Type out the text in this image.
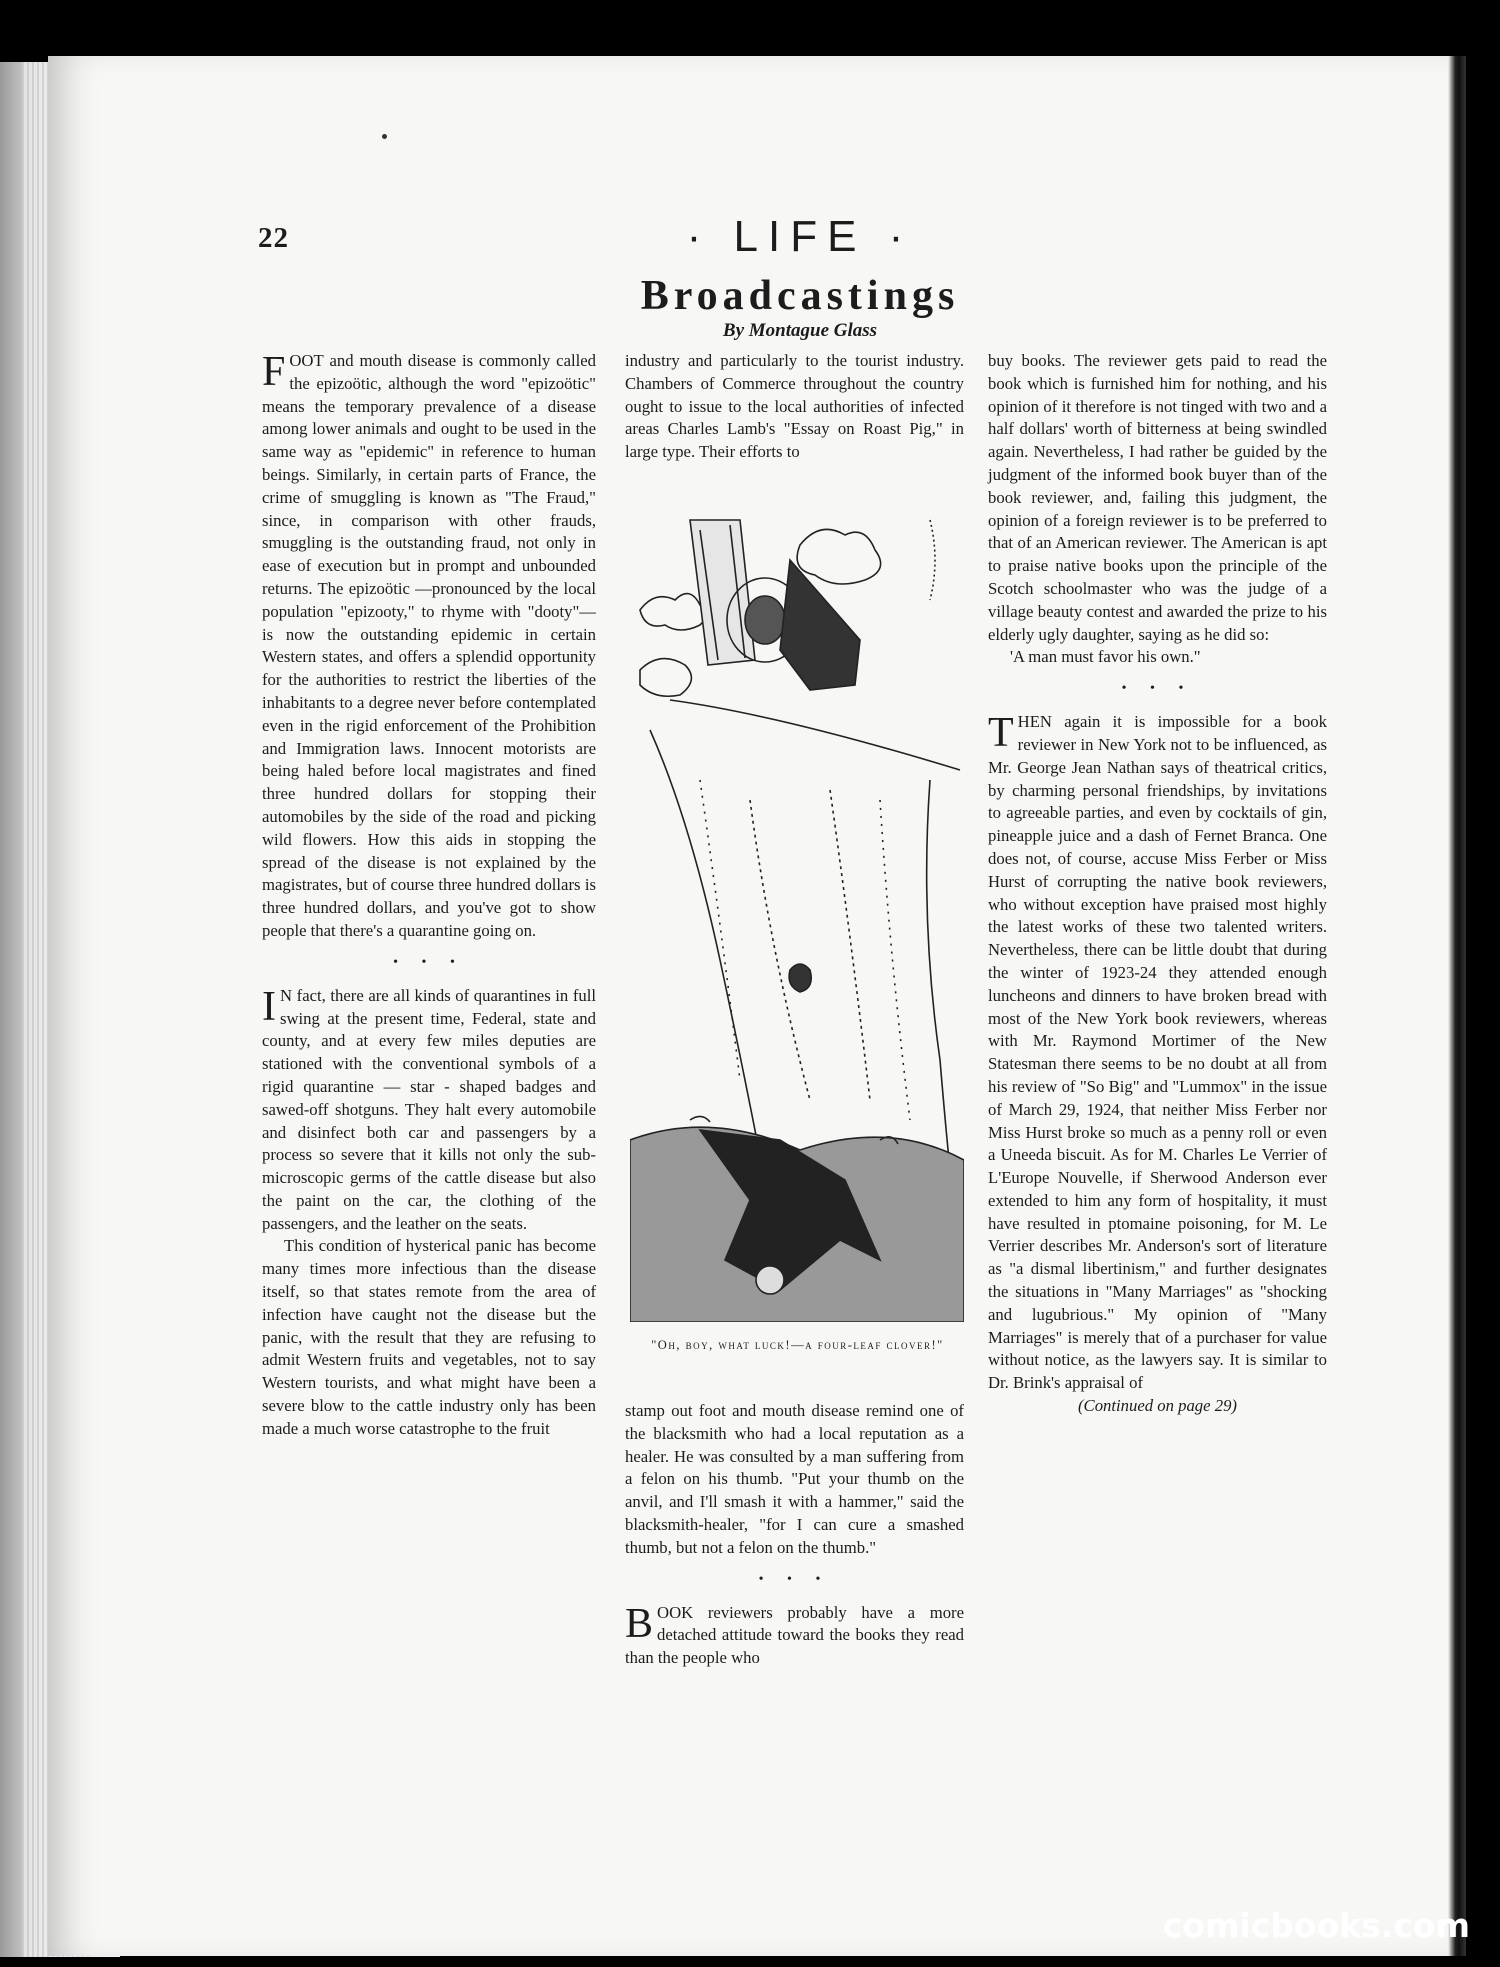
22	· LIFE ·
Broadcastings
By Montague Glass

FOOT and mouth disease is commonly called the epizoötic, although the word "epizoötic" means the temporary prevalence of a disease among lower animals and ought to be used in the same way as "epidemic" in reference to human beings. Similarly, in certain parts of France, the crime of smuggling is known as "The Fraud," since, in comparison with other frauds, smuggling is the outstanding fraud, not only in ease of execution but in prompt and unbounded returns. The epizoötic —pronounced by the local population "epizooty," to rhyme with "dooty"— is now the outstanding epidemic in certain Western states, and offers a splendid opportunity for the authorities to restrict the liberties of the inhabitants to a degree never before contemplated even in the rigid enforcement of the Prohibition and Immigration laws. Innocent motorists are being haled before local magistrates and fined three hundred dollars for stopping their automobiles by the side of the road and picking wild flowers. How this aids in stopping the spread of the disease is not explained by the magistrates, but of course three hundred dollars is three hundred dollars, and you've got to show people that there's a quarantine going on.

• • •

I N fact, there are all kinds of quarantines in full swing at the present time, Federal, state and county, and at every few miles deputies are stationed with the conventional symbols of a rigid quarantine — star - shaped badges and sawed-off shotguns. They halt every automobile and disinfect both car and passengers by a process so severe that it kills not only the sub-microscopic germs of the cattle disease but also the paint on the car, the clothing of the passengers, and the leather on the seats.

This condition of hysterical panic has become many times more infectious than the disease itself, so that states remote from the area of infection have caught not the disease but the panic, with the result that they are refusing to admit Western fruits and vegetables, not to say Western tourists, and what might have been a severe blow to the cattle industry only has been made a much worse catastrophe to the fruit

industry and particularly to the tourist industry. Chambers of Commerce throughout the country ought to issue to the local authorities of infected areas Charles Lamb's "Essay on Roast Pig," in large type. Their efforts to

"Oh, boy, what luck!—a four-leaf clover!"

stamp out foot and mouth disease remind one of the blacksmith who had a local reputation as a healer. He was consulted by a man suffering from a felon on his thumb. "Put your thumb on the anvil, and I'll smash it with a hammer," said the blacksmith-healer, "for I can cure a smashed thumb, but not a felon on the thumb."

• • •

BOOK reviewers probably have a more detached attitude toward the books they read than the people who

buy books. The reviewer gets paid to read the book which is furnished him for nothing, and his opinion of it therefore is not tinged with two and a half dollars' worth of bitterness at being swindled again. Nevertheless, I had rather be guided by the judgment of the informed book buyer than of the book reviewer, and, failing this judgment, the opinion of a foreign reviewer is to be preferred to that of an American reviewer. The American is apt to praise native books upon the principle of the Scotch schoolmaster who was the judge of a village beauty contest and awarded the prize to his elderly ugly daughter, saying as he did so:

'A man must favor his own."

• • •

THEN again it is impossible for a book reviewer in New York not to be influenced, as Mr. George Jean Nathan says of theatrical critics, by charming personal friendships, by invitations to agreeable parties, and even by cocktails of gin, pineapple juice and a dash of Fernet Branca. One does not, of course, accuse Miss Ferber or Miss Hurst of corrupting the native book reviewers, who without exception have praised most highly the latest works of these two talented writers. Nevertheless, there can be little doubt that during the winter of 1923-24 they attended enough luncheons and dinners to have broken bread with most of the New York book reviewers, whereas with Mr. Raymond Mortimer of the New Statesman there seems to be no doubt at all from his review of "So Big" and "Lummox" in the issue of March 29, 1924, that neither Miss Ferber nor Miss Hurst broke so much as a penny roll or even a Uneeda biscuit. As for M. Charles Le Verrier of L'Europe Nouvelle, if Sherwood Anderson ever extended to him any form of hospitality, it must have resulted in ptomaine poisoning, for M. Le Verrier describes Mr. Anderson's sort of literature as "a dismal libertinism," and further designates the situations in "Many Marriages" as "shocking and lugubrious." My opinion of "Many Marriages" is merely that of a purchaser for value without notice, as the lawyers say. It is similar to Dr. Brink's appraisal of

(Continued on page 29)

comicbooks.com
